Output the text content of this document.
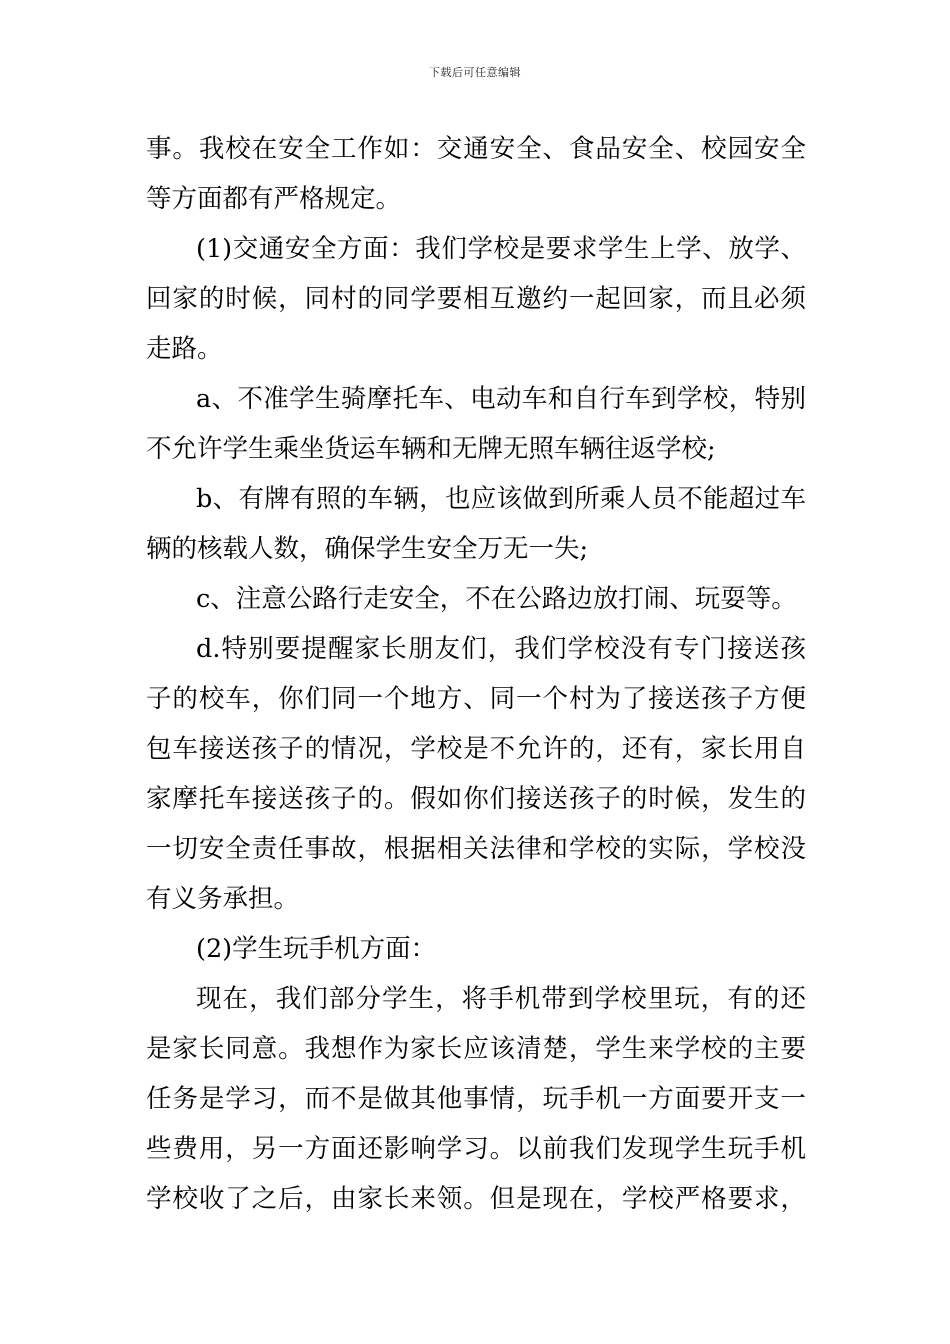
下载后可任意编辑
事。我校在安全工作如：交通安全、食品安全、校园安全
等方面都有严格规定。
(1)交通安全方面：我们学校是要求学生上学、放学、
回家的时候，同村的同学要相互邀约一起回家，而且必须
走路。
a、不准学生骑摩托车、电动车和自行车到学校，特别
不允许学生乘坐货运车辆和无牌无照车辆往返学校;
b、有牌有照的车辆，也应该做到所乘人员不能超过车
辆的核载人数，确保学生安全万无一失;
c、注意公路行走安全，不在公路边放打闹、玩耍等。
d.特别要提醒家长朋友们，我们学校没有专门接送孩
子的校车，你们同一个地方、同一个村为了接送孩子方便
包车接送孩子的情况，学校是不允许的，还有，家长用自
家摩托车接送孩子的。假如你们接送孩子的时候，发生的
一切安全责任事故，根据相关法律和学校的实际，学校没
有义务承担。
(2)学生玩手机方面：
现在，我们部分学生，将手机带到学校里玩，有的还
是家长同意。我想作为家长应该清楚，学生来学校的主要
任务是学习，而不是做其他事情，玩手机一方面要开支一
些费用，另一方面还影响学习。以前我们发现学生玩手机
学校收了之后，由家长来领。但是现在，学校严格要求，
